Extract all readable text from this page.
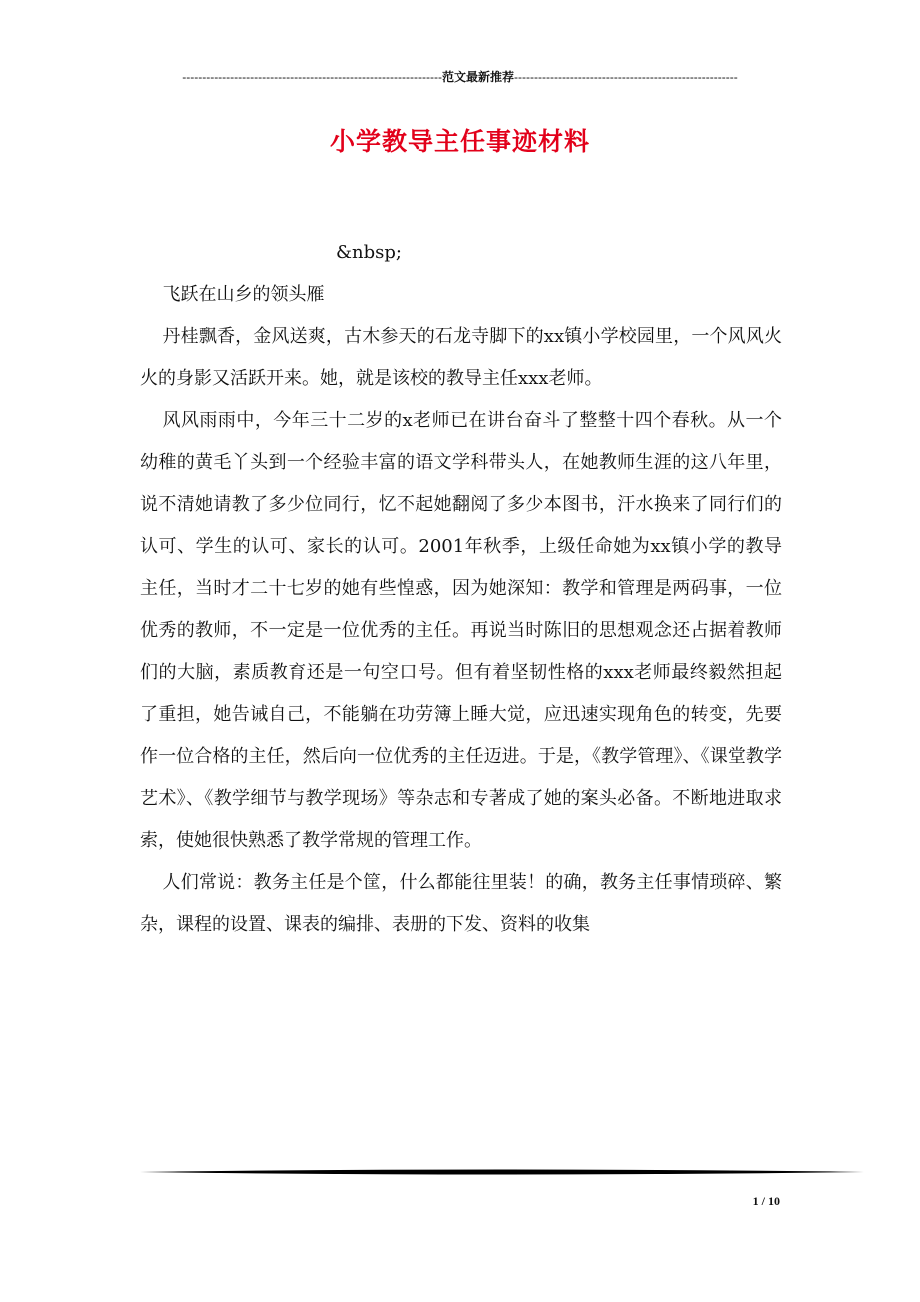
-----------------------------------------------------------------范文最新推荐--------------------------------------------------------
小学教导主任事迹材料

&nbsp;

飞跃在山乡的领头雁

丹桂飘香，金风送爽，古木参天的石龙寺脚下的xx镇小学校园里，一个风风火火的身影又活跃开来。她，就是该校的教导主任xxx老师。

风风雨雨中，今年三十二岁的x老师已在讲台奋斗了整整十四个春秋。从一个幼稚的黄毛丫头到一个经验丰富的语文学科带头人，在她教师生涯的这八年里，说不清她请教了多少位同行，忆不起她翻阅了多少本图书，汗水换来了同行们的认可、学生的认可、家长的认可。2001年秋季，上级任命她为xx镇小学的教导主任，当时才二十七岁的她有些惶惑，因为她深知：教学和管理是两码事，一位优秀的教师，不一定是一位优秀的主任。再说当时陈旧的思想观念还占据着教师们的大脑，素质教育还是一句空口号。但有着坚韧性格的xxx老师最终毅然担起了重担，她告诫自己，不能躺在功劳簿上睡大觉，应迅速实现角色的转变，先要作一位合格的主任，然后向一位优秀的主任迈进。于是，《教学管理》、《课堂教学艺术》、《教学细节与教学现场》等杂志和专著成了她的案头必备。不断地进取求索，使她很快熟悉了教学常规的管理工作。

人们常说：教务主任是个筐，什么都能往里装！的确，教务主任事情琐碎、繁杂，课程的设置、课表的编排、表册的下发、资料的收集

1 / 10
